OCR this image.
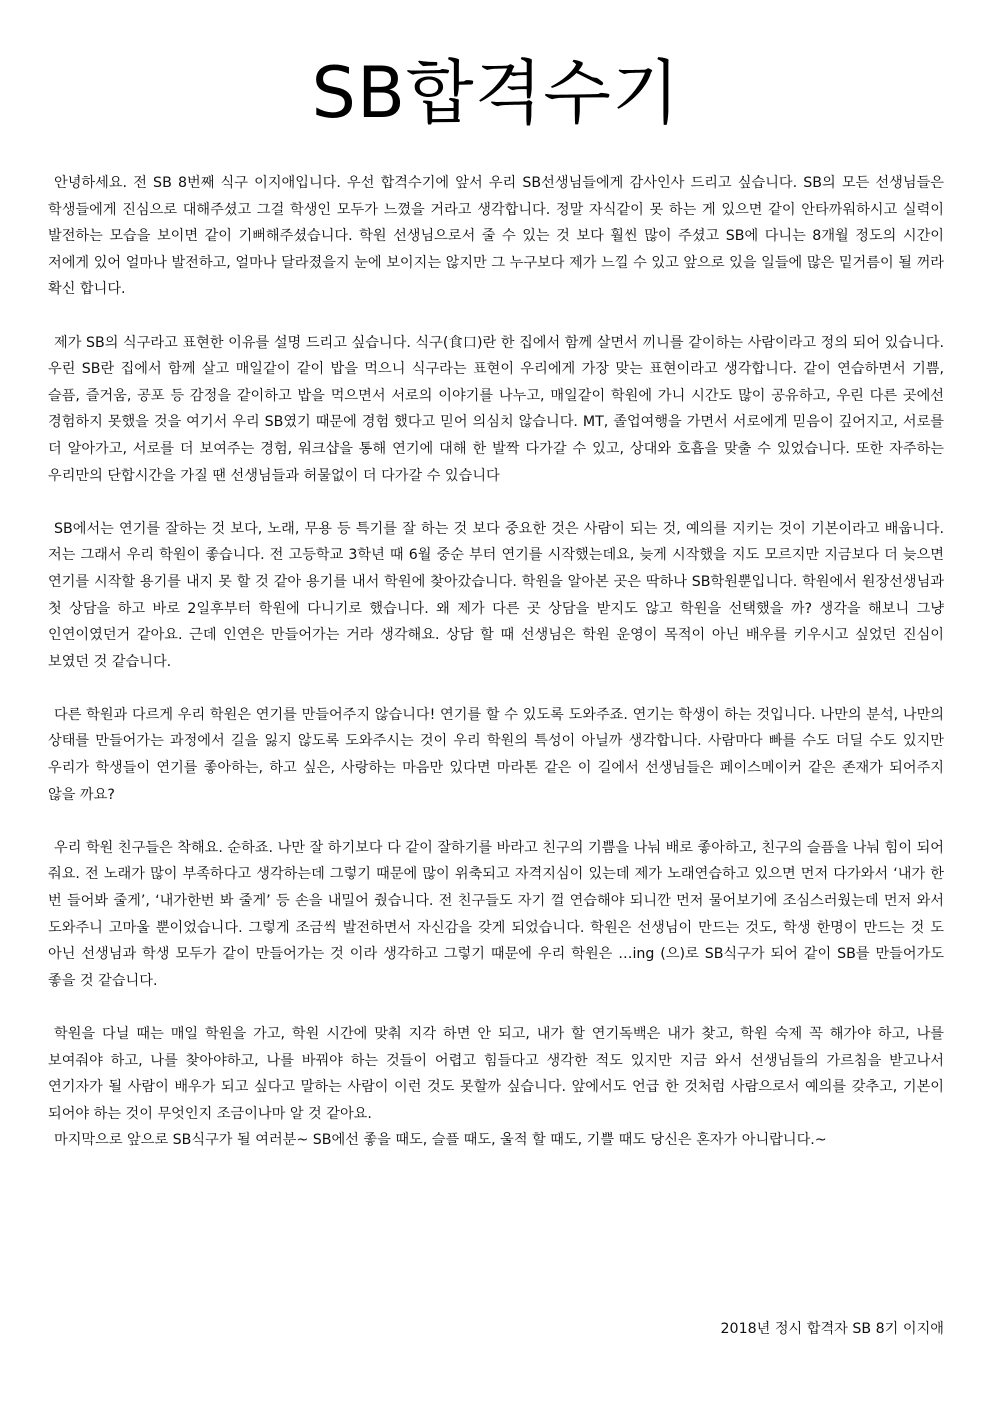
SB합격수기

안녕하세요. 전 SB 8번째 식구 이지애입니다. 우선 합격수기에 앞서 우리 SB선생님들에게 감사인사 드리고 싶습니다. SB의 모든 선생님들은 학생들에게 진심으로 대해주셨고 그걸 학생인 모두가 느꼈을 거라고 생각합니다. 정말 자식같이 못 하는 게 있으면 같이 안타까워하시고 실력이 발전하는 모습을 보이면 같이 기뻐해주셨습니다. 학원 선생님으로서 줄 수 있는 것 보다 훨씬 많이 주셨고 SB에 다니는 8개월 정도의 시간이 저에게 있어 얼마나 발전하고, 얼마나 달라졌을지 눈에 보이지는 않지만 그 누구보다 제가 느낄 수 있고 앞으로 있을 일들에 많은 밑거름이 될 꺼라 확신 합니다.

제가 SB의 식구라고 표현한 이유를 설명 드리고 싶습니다. 식구(食口)란 한 집에서 함께 살면서 끼니를 같이하는 사람이라고 정의 되어 있습니다. 우린 SB란 집에서 함께 살고 매일같이 같이 밥을 먹으니 식구라는 표현이 우리에게 가장 맞는 표현이라고 생각합니다. 같이 연습하면서 기쁨, 슬픔, 즐거움, 공포 등 감정을 같이하고 밥을 먹으면서 서로의 이야기를 나누고, 매일같이 학원에 가니 시간도 많이 공유하고, 우린 다른 곳에선 경험하지 못했을 것을 여기서 우리 SB였기 때문에 경험 했다고 믿어 의심치 않습니다. MT, 졸업여행을 가면서 서로에게 믿음이 깊어지고, 서로를 더 알아가고, 서로를 더 보여주는 경험, 워크샵을 통해 연기에 대해 한 발짝 다가갈 수 있고, 상대와 호흡을 맞출 수 있었습니다. 또한 자주하는 우리만의 단합시간을 가질 땐 선생님들과 허물없이 더 다가갈 수 있습니다

SB에서는 연기를 잘하는 것 보다, 노래, 무용 등 특기를 잘 하는 것 보다 중요한 것은 사람이 되는 것, 예의를 지키는 것이 기본이라고 배웁니다. 저는 그래서 우리 학원이 좋습니다. 전 고등학교 3학년 때 6월 중순 부터 연기를 시작했는데요, 늦게 시작했을 지도 모르지만 지금보다 더 늦으면 연기를 시작할 용기를 내지 못 할 것 같아 용기를 내서 학원에 찾아갔습니다. 학원을 알아본 곳은 딱하나 SB학원뿐입니다. 학원에서 원장선생님과 첫 상담을 하고 바로 2일후부터 학원에 다니기로 했습니다. 왜 제가 다른 곳 상담을 받지도 않고 학원을 선택했을 까? 생각을 해보니 그냥 인연이였던거 같아요. 근데 인연은 만들어가는 거라 생각해요. 상담 할 때 선생님은 학원 운영이 목적이 아닌 배우를 키우시고 싶었던 진심이 보였던 것 같습니다.

다른 학원과 다르게 우리 학원은 연기를 만들어주지 않습니다! 연기를 할 수 있도록 도와주죠. 연기는 학생이 하는 것입니다. 나만의 분석, 나만의 상태를 만들어가는 과정에서 길을 잃지 않도록 도와주시는 것이 우리 학원의 특성이 아닐까 생각합니다. 사람마다 빠를 수도 더딜 수도 있지만 우리가 학생들이 연기를 좋아하는, 하고 싶은, 사랑하는 마음만 있다면 마라톤 같은 이 길에서 선생님들은 페이스메이커 같은 존재가 되어주지 않을 까요?

우리 학원 친구들은 착해요. 순하죠. 나만 잘 하기보다 다 같이 잘하기를 바라고 친구의 기쁨을 나눠 배로 좋아하고, 친구의 슬픔을 나눠 힘이 되어 줘요. 전 노래가 많이 부족하다고 생각하는데 그렇기 때문에 많이 위축되고 자격지심이 있는데 제가 노래연습하고 있으면 먼저 다가와서 ‘내가 한 번 들어봐 줄게’, ‘내가한번 봐 줄게’ 등 손을 내밀어 줬습니다. 전 친구들도 자기 껄 연습해야 되니깐 먼저 물어보기에 조심스러웠는데 먼저 와서 도와주니 고마울 뿐이었습니다. 그렇게 조금씩 발전하면서 자신감을 갖게 되었습니다. 학원은 선생님이 만드는 것도, 학생 한명이 만드는 것 도 아닌 선생님과 학생 모두가 같이 만들어가는 것 이라 생각하고 그렇기 때문에 우리 학원은 …ing (으)로 SB식구가 되어 같이 SB를 만들어가도 좋을 것 같습니다.

학원을 다닐 때는 매일 학원을 가고, 학원 시간에 맞춰 지각 하면 안 되고, 내가 할 연기독백은 내가 찾고, 학원 숙제 꼭 해가야 하고, 나를 보여줘야 하고, 나를 찾아야하고, 나를 바꿔야 하는 것들이 어렵고 힘들다고 생각한 적도 있지만 지금 와서 선생님들의 가르침을 받고나서 연기자가 될 사람이 배우가 되고 싶다고 말하는 사람이 이런 것도 못할까 싶습니다. 앞에서도 언급 한 것처럼 사람으로서 예의를 갖추고, 기본이 되어야 하는 것이 무엇인지 조금이나마 알 것 같아요.

마지막으로 앞으로 SB식구가 될 여러분~ SB에선 좋을 때도, 슬플 때도, 울적 할 때도, 기쁠 때도 당신은 혼자가 아니랍니다.~

2018년 정시 합격자 SB 8기 이지애
